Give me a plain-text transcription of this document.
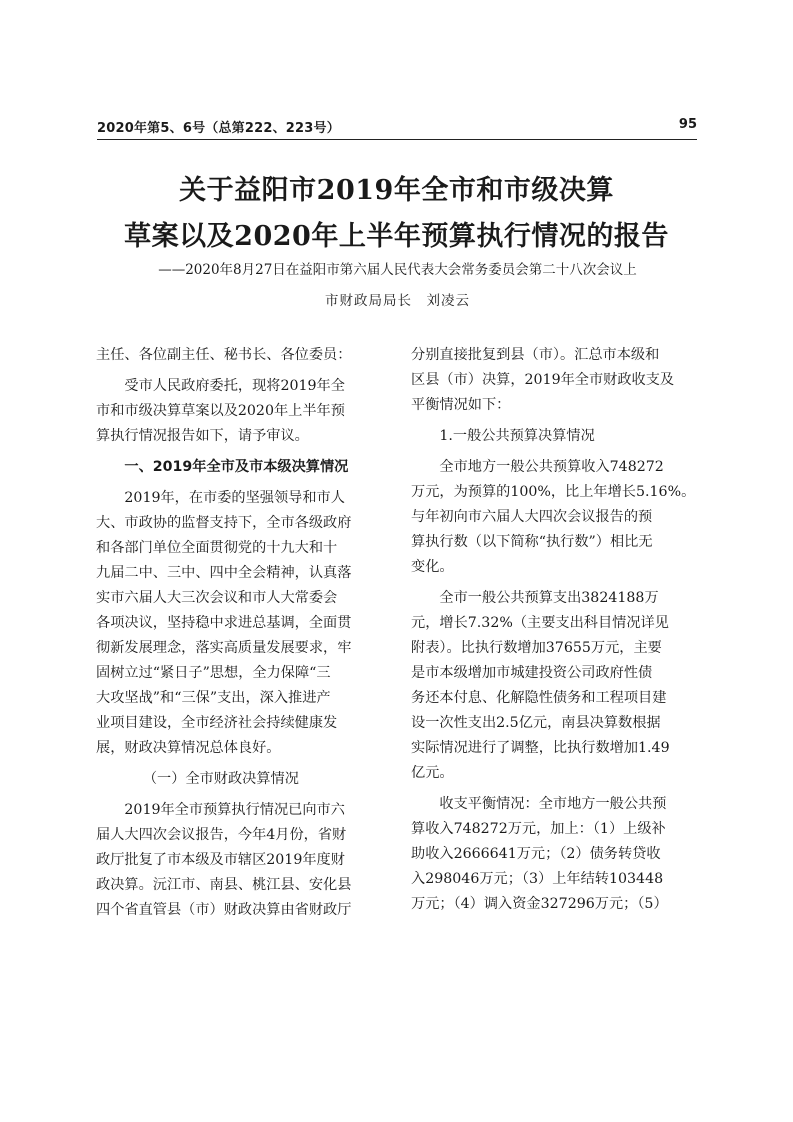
2020年第5、6号（总第222、223号）	95
关于益阳市2019年全市和市级决算
草案以及2020年上半年预算执行情况的报告
——2020年8月27日在益阳市第六届人民代表大会常务委员会第二十八次会议上
市财政局局长　刘凌云

主任、各位副主任、秘书长、各位委员：

受市人民政府委托，现将2019年全
市和市级决算草案以及2020年上半年预
算执行情况报告如下，请予审议。

一、2019年全市及市本级决算情况

2019年，在市委的坚强领导和市人
大、市政协的监督支持下，全市各级政府
和各部门单位全面贯彻党的十九大和十
九届二中、三中、四中全会精神，认真落
实市六届人大三次会议和市人大常委会
各项决议，坚持稳中求进总基调，全面贯
彻新发展理念，落实高质量发展要求，牢
固树立过“紧日子”思想，全力保障“三
大攻坚战”和“三保”支出，深入推进产
业项目建设，全市经济社会持续健康发
展，财政决算情况总体良好。

（一）全市财政决算情况

2019年全市预算执行情况已向市六
届人大四次会议报告，今年4月份，省财
政厅批复了市本级及市辖区2019年度财
政决算。沅江市、南县、桃江县、安化县
四个省直管县（市）财政决算由省财政厅

分别直接批复到县（市）。汇总市本级和
区县（市）决算，2019年全市财政收支及
平衡情况如下：

1.一般公共预算决算情况

全市地方一般公共预算收入748272
万元，为预算的100%，比上年增长5.16%。
与年初向市六届人大四次会议报告的预
算执行数（以下简称“执行数”）相比无
变化。

全市一般公共预算支出3824188万
元，增长7.32%（主要支出科目情况详见
附表）。比执行数增加37655万元，主要
是市本级增加市城建投资公司政府性债
务还本付息、化解隐性债务和工程项目建
设一次性支出2.5亿元，南县决算数根据
实际情况进行了调整，比执行数增加1.49
亿元。

收支平衡情况：全市地方一般公共预
算收入748272万元，加上：（1）上级补
助收入2666641万元；（2）债务转贷收
入298046万元；（3）上年结转103448
万元；（4）调入资金327296万元；（5）
